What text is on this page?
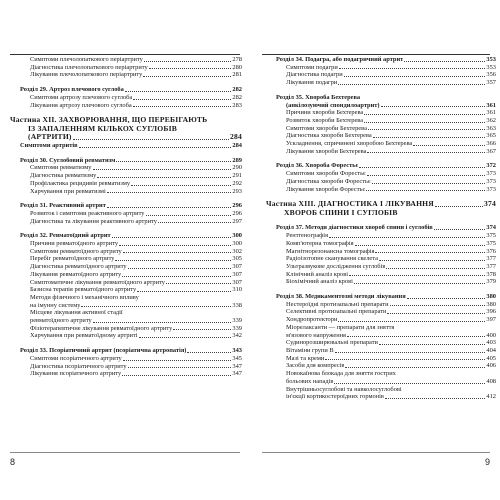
8
Симптоми плечолопаткового періартриту	278
Діагностика плечолопаткового періартриту	280
Лікування плечолопаткового періартриту	281
Розділ 29. Артроз плечового суглоба	282
Симптоми артрозу плечового суглоба	282
Лікування артрозу плечового суглоба	283
Частина XII. ЗАХВОРЮВАННЯ, ЩО ПЕРЕБІГАЮТЬ
ІЗ ЗАПАЛЕННЯМ КІЛЬКОХ СУГЛОБІВ
(АРТРИТИ)	284
Симптоми артритів	284
Розділ 30. Суглобовий ревматизм	289
Симптоми ревматизму	290
Діагностика ревматизму	291
Профілактика рецидивів ревматизму	292
Харчування при ревматизмі	293
Розділ 31. Реактивний артрит	296
Розвиток і симптоми реактивного артриту	296
Діагностика та лікування реактивного артриту	297
Розділ 32. Ревматоїдний артрит	300
Причини ревматоїдного артриту	300
Симптоми ревматоїдного артриту	302
Перебіг ревматоїдного артриту	305
Діагностика ревматоїдного артриту	307
Лікування ревматоїдного артриту	307
Симптоматичне лікування ревматоїдного артриту	307
Базисна терапія ревматоїдного артриту	310
Методи фізичного і механічного впливу
на імунну систему	338
Місцеве лікування активної стадії
ревматоїдного артриту	339
Фізіотерапевтичне лікування ревматоїдного артриту	339
Харчування при ревматоїдному артриті	342
Розділ 33. Псоріатичний артрит (псоріатична артропатія)	343
Симптоми псоріатичного артриту	345
Діагностика псоріатичного артриту	347
Лікування псоріатичного артриту	347
9
Розділ 34. Подагра, або подагричний артрит	353
Симптоми подагри	353
Діагностика подагри	356
Лікування подагри	357
Розділ 35. Хвороба Бехтерева
(анкілозуючий спондилоартрит)	361
Причини хвороби Бехтерева	361
Розвиток хвороби Бехтерева	362
Симптоми хвороби Бехтерева	363
Діагностика хвороби Бехтерева	365
Ускладнення, спричинені хворобою Бехтерева	366
Лікування хвороби Бехтерева	367
Розділ 36. Хвороба Форестьє	372
Симптоми хвороби Форестьє	373
Діагностика хвороби Форестьє	373
Лікування хвороби Форестьє	373
Частина XIII. ДІАГНОСТИКА І ЛІКУВАННЯ	374
ХВОРОБ СПИНИ І СУГЛОБІВ
Розділ 37. Методи діагностики хвороб спини і суглобів	374
Рентгенографія	375
Комп'ютерна томографія	375
Магнітнорезонансна томографія	376
Радіоізотопне сканування скелета	377
Ультразвукове дослідження суглобів	377
Клінічний аналіз крові	378
Біохімічний аналіз крові	379
Розділ 38. Медикаментозні методи лікування	380
Нестероїдні протизапальні препарати	380
Селективні протизапальні препарати	396
Хондропротектори	397
Міорелаксанти — препарати для зняття
м'язового напруження	400
Судинорозширювальні препарати	403
Вітаміни групи В	404
Мазі та креми	405
Засоби для компресів	406
Новокаїнова блокада для зняття гострих
больових нападів	408
Внутрішньосуглобові та навколосуглобові
ін'єкції кортикостероїдних гормонів	412
